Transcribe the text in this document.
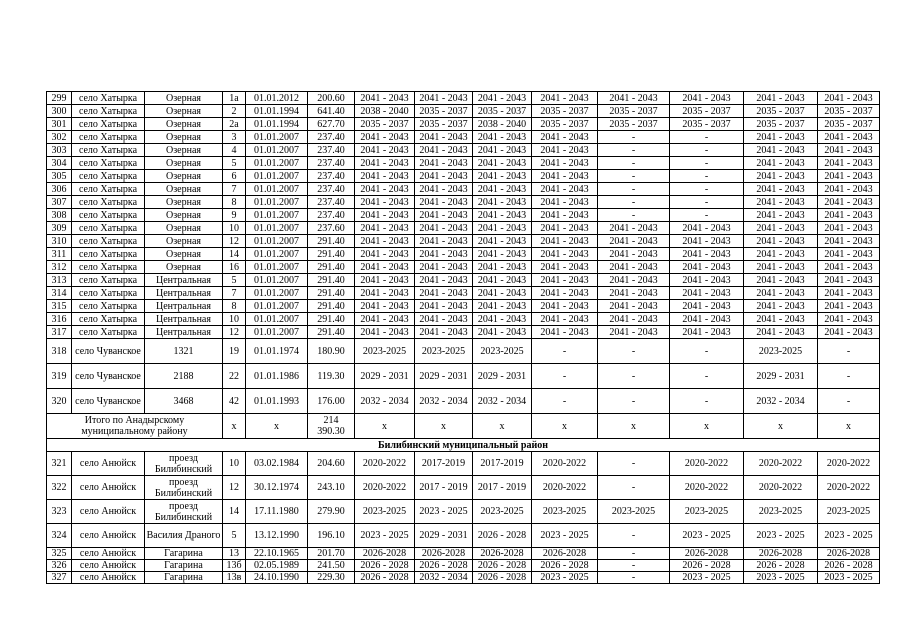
299	село Хатырка	Озерная	1а	01.01.2012	200.60	2041 - 2043	2041 - 2043	2041 - 2043	2041 - 2043	2041 - 2043	2041 - 2043	2041 - 2043	2041 - 2043
300	село Хатырка	Озерная	2	01.01.1994	641.40	2038 - 2040	2035 - 2037	2035 - 2037	2035 - 2037	2035 - 2037	2035 - 2037	2035 - 2037	2035 - 2037
301	село Хатырка	Озерная	2а	01.01.1994	627.70	2035 - 2037	2035 - 2037	2038 - 2040	2035 - 2037	2035 - 2037	2035 - 2037	2035 - 2037	2035 - 2037
302	село Хатырка	Озерная	3	01.01.2007	237.40	2041 - 2043	2041 - 2043	2041 - 2043	2041 - 2043	-	-	2041 - 2043	2041 - 2043
303	село Хатырка	Озерная	4	01.01.2007	237.40	2041 - 2043	2041 - 2043	2041 - 2043	2041 - 2043	-	-	2041 - 2043	2041 - 2043
304	село Хатырка	Озерная	5	01.01.2007	237.40	2041 - 2043	2041 - 2043	2041 - 2043	2041 - 2043	-	-	2041 - 2043	2041 - 2043
305	село Хатырка	Озерная	6	01.01.2007	237.40	2041 - 2043	2041 - 2043	2041 - 2043	2041 - 2043	-	-	2041 - 2043	2041 - 2043
306	село Хатырка	Озерная	7	01.01.2007	237.40	2041 - 2043	2041 - 2043	2041 - 2043	2041 - 2043	-	-	2041 - 2043	2041 - 2043
307	село Хатырка	Озерная	8	01.01.2007	237.40	2041 - 2043	2041 - 2043	2041 - 2043	2041 - 2043	-	-	2041 - 2043	2041 - 2043
308	село Хатырка	Озерная	9	01.01.2007	237.40	2041 - 2043	2041 - 2043	2041 - 2043	2041 - 2043	-	-	2041 - 2043	2041 - 2043
309	село Хатырка	Озерная	10	01.01.2007	237.60	2041 - 2043	2041 - 2043	2041 - 2043	2041 - 2043	2041 - 2043	2041 - 2043	2041 - 2043	2041 - 2043
310	село Хатырка	Озерная	12	01.01.2007	291.40	2041 - 2043	2041 - 2043	2041 - 2043	2041 - 2043	2041 - 2043	2041 - 2043	2041 - 2043	2041 - 2043
311	село Хатырка	Озерная	14	01.01.2007	291.40	2041 - 2043	2041 - 2043	2041 - 2043	2041 - 2043	2041 - 2043	2041 - 2043	2041 - 2043	2041 - 2043
312	село Хатырка	Озерная	16	01.01.2007	291.40	2041 - 2043	2041 - 2043	2041 - 2043	2041 - 2043	2041 - 2043	2041 - 2043	2041 - 2043	2041 - 2043
313	село Хатырка	Центральная	5	01.01.2007	291.40	2041 - 2043	2041 - 2043	2041 - 2043	2041 - 2043	2041 - 2043	2041 - 2043	2041 - 2043	2041 - 2043
314	село Хатырка	Центральная	7	01.01.2007	291.40	2041 - 2043	2041 - 2043	2041 - 2043	2041 - 2043	2041 - 2043	2041 - 2043	2041 - 2043	2041 - 2043
315	село Хатырка	Центральная	8	01.01.2007	291.40	2041 - 2043	2041 - 2043	2041 - 2043	2041 - 2043	2041 - 2043	2041 - 2043	2041 - 2043	2041 - 2043
316	село Хатырка	Центральная	10	01.01.2007	291.40	2041 - 2043	2041 - 2043	2041 - 2043	2041 - 2043	2041 - 2043	2041 - 2043	2041 - 2043	2041 - 2043
317	село Хатырка	Центральная	12	01.01.2007	291.40	2041 - 2043	2041 - 2043	2041 - 2043	2041 - 2043	2041 - 2043	2041 - 2043	2041 - 2043	2041 - 2043
318	село Чуванское	1321	19	01.01.1974	180.90	2023-2025	2023-2025	2023-2025	-	-	-	2023-2025	-
319	село Чуванское	2188	22	01.01.1986	119.30	2029 - 2031	2029 - 2031	2029 - 2031	-	-	-	2029 - 2031	-
320	село Чуванское	3468	42	01.01.1993	176.00	2032 - 2034	2032 - 2034	2032 - 2034	-	-	-	2032 - 2034	-
Итого по Анадырскому муниципальному району			x	x	214 390.30	x	x	x	x	x	x	x	x
Билибинский муниципальный район													
321	село Анюйск	проезд Билибинский	10	03.02.1984	204.60	2020-2022	2017-2019	2017-2019	2020-2022	-	2020-2022	2020-2022	2020-2022
322	село Анюйск	проезд Билибинский	12	30.12.1974	243.10	2020-2022	2017 - 2019	2017 - 2019	2020-2022	-	2020-2022	2020-2022	2020-2022
323	село Анюйск	проезд Билибинский	14	17.11.1980	279.90	2023-2025	2023 - 2025	2023-2025	2023-2025	2023-2025	2023-2025	2023-2025	2023-2025
324	село Анюйск	Василия Драного	5	13.12.1990	196.10	2023 - 2025	2029 - 2031	2026 - 2028	2023 - 2025	-	2023 - 2025	2023 - 2025	2023 - 2025
325	село Анюйск	Гагарина	13	22.10.1965	201.70	2026-2028	2026-2028	2026-2028	2026-2028	-	2026-2028	2026-2028	2026-2028
326	село Анюйск	Гагарина	13б	02.05.1989	241.50	2026 - 2028	2026 - 2028	2026 - 2028	2026 - 2028	-	2026 - 2028	2026 - 2028	2026 - 2028
327	село Анюйск	Гагарина	13в	24.10.1990	229.30	2026 - 2028	2032 - 2034	2026 - 2028	2023 - 2025	-	2023 - 2025	2023 - 2025	2023 - 2025
